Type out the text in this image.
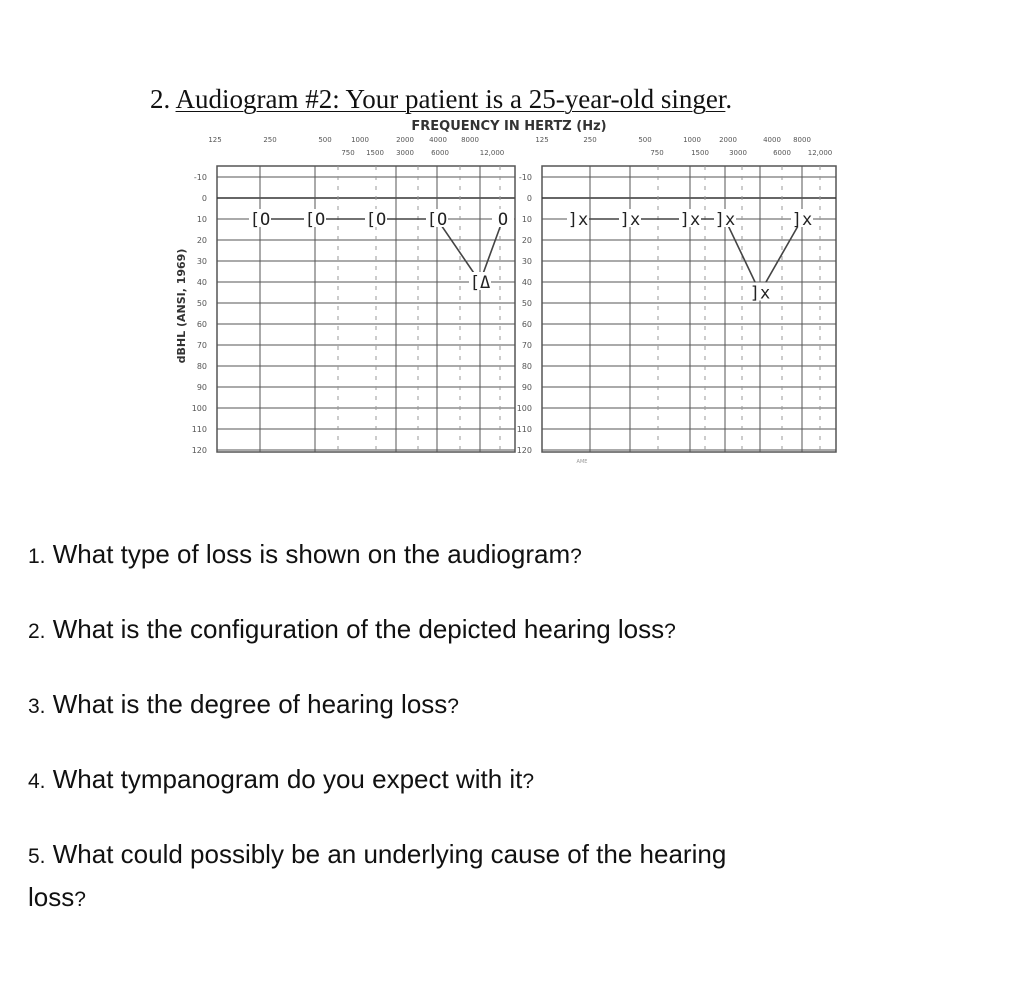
2. Audiogram #2: Your patient is a 25-year-old singer.
FREQUENCY IN HERTZ (Hz)
dBHL (ANSI, 1969)
125	250	500	1000	2000 4000 8000
750 1500 3000 6000	12,000
-10
0
10
20
30
40
50
60
70
80
90
100
110
120
125	250	500	1000	2000	4000 8000
750	1500	3000	6000 12,000
-10
0
10
20
30
40
50
60
70
80
90
100
110
120
AME
[O [O [O [O
[Δ
O	]x ]x ]x ]x
]x
]x
1. What type of loss is shown on the audiogram?
2. What is the configuration of the depicted hearing loss?
3. What is the degree of hearing loss?
4. What tympanogram do you expect with it?
5. What could possibly be an underlying cause of the hearing
loss?
